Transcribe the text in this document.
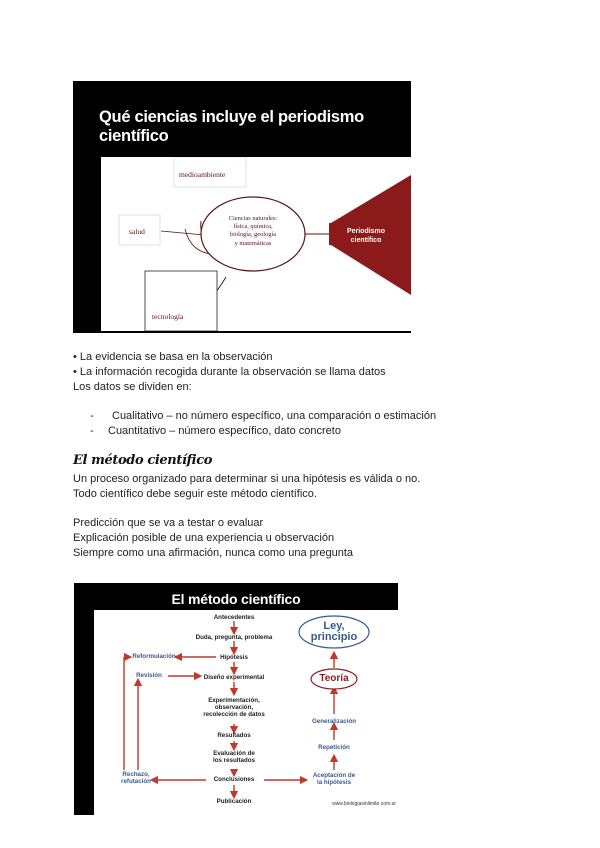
Qué ciencias incluye el periodismo
científico
medioambiente
salud
tecnología
Ciencias naturales:
física, química,
biología, geología
y matemáticas
Periodismo
científico
• La evidencia se basa en la observación
• La información recogida durante la observación se llama datos
Los datos se dividen en:
- Cualitativo – no número específico, una comparación o estimación
- Cuantitativo – número específico, dato concreto
El método científico
Un proceso organizado para determinar si una hipótesis es válida o no.
Todo científico debe seguir este método científico.
Predicción que se va a testar o evaluar
Explicación posible de una experiencia u observación
Siempre como una afirmación, nunca como una pregunta
El método científico
Antecedentes
Duda, pregunta, problema
Hipótesis
Diseño experimental
Experimentación,
observación,
recolección de datos
Resultados
Evaluación de
los resultados
Conclusiones
Publicación
Reformulación
Revisión
Rechazo,
refutación
Ley,
principio
Teoría
Generalización
Repetición
Aceptación de
la hipótesis
www.biologiasinlimite.com.ar
